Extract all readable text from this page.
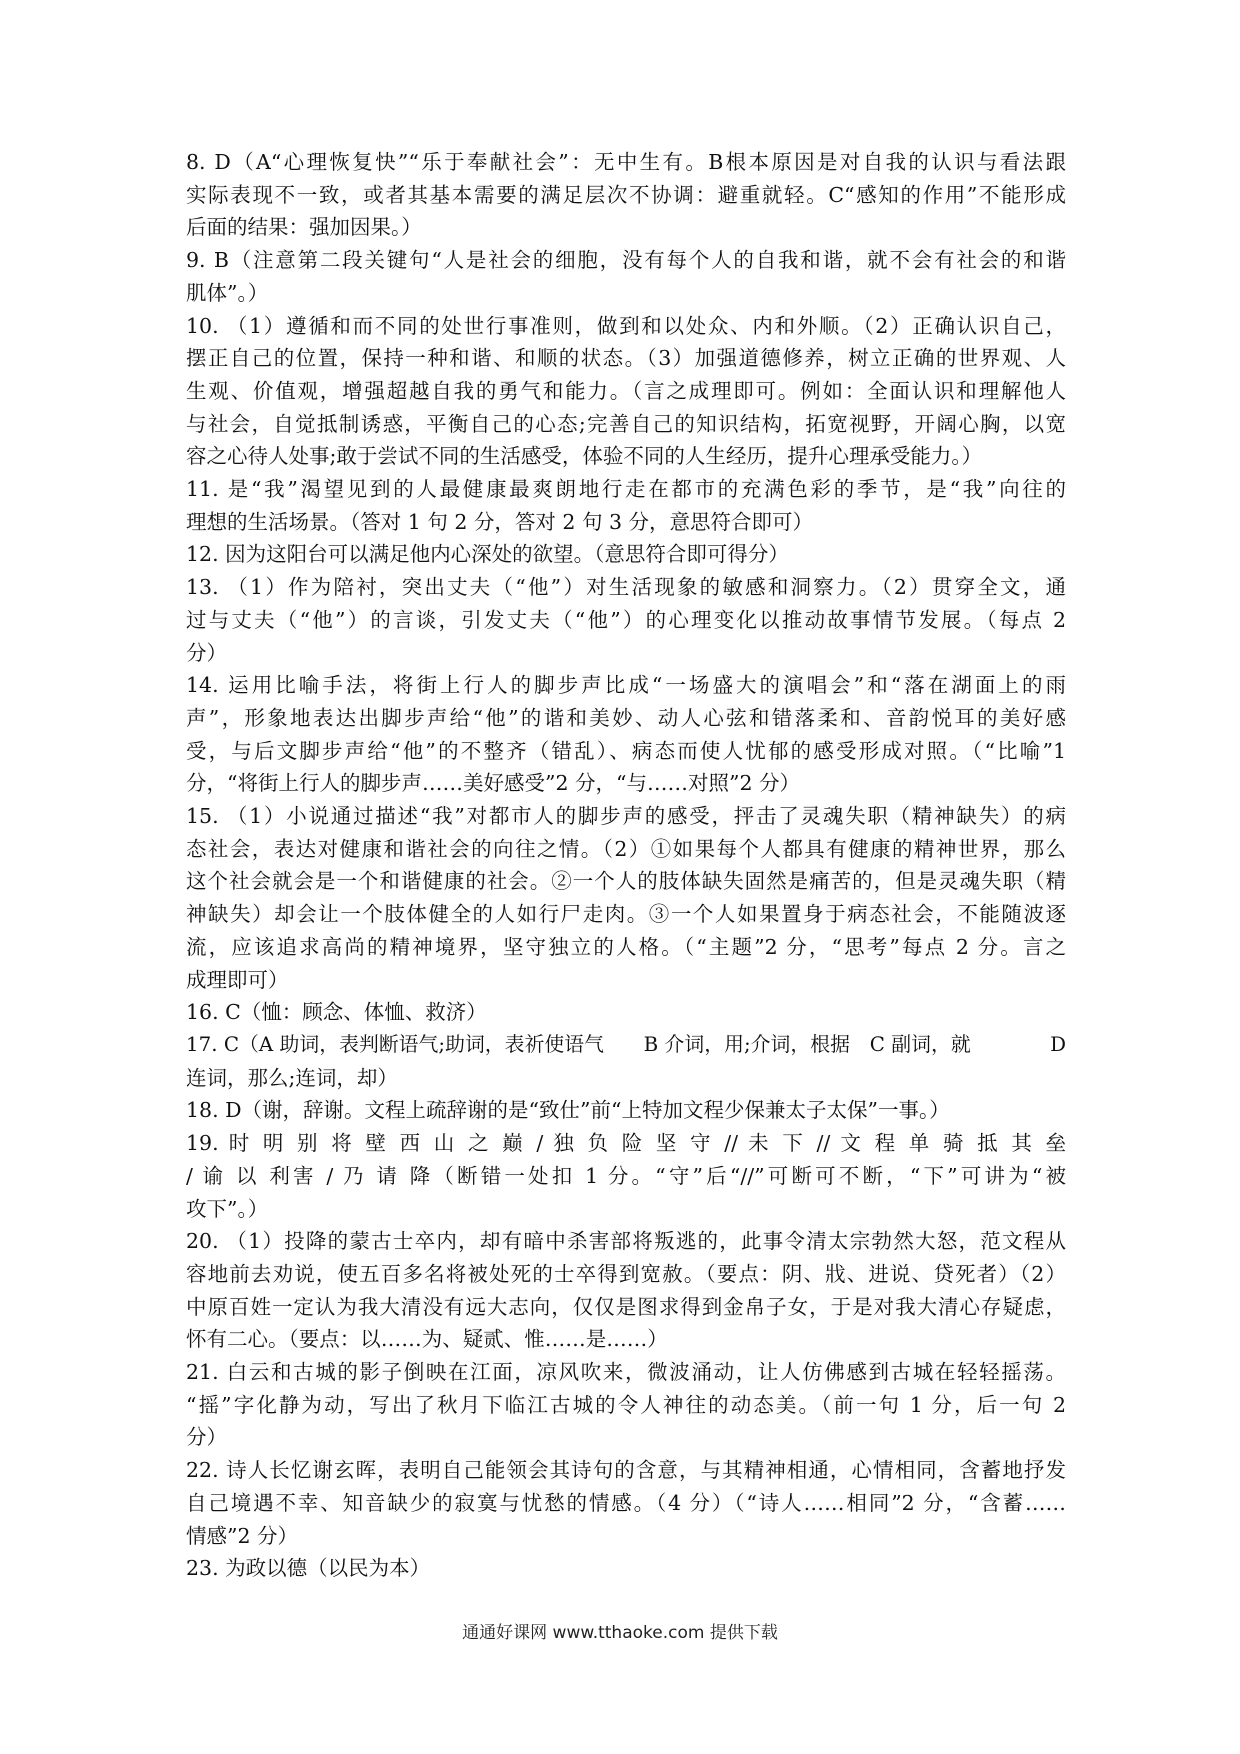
8. D（A“心理恢复快”“乐于奉献社会”：无中生有。B根本原因是对自我的认识与看法跟
实际表现不一致，或者其基本需要的满足层次不协调：避重就轻。C“感知的作用”不能形成
后面的结果：强加因果。）
9. B（注意第二段关键句“人是社会的细胞，没有每个人的自我和谐，就不会有社会的和谐
肌体”。）
10. （1）遵循和而不同的处世行事准则，做到和以处众、内和外顺。（2）正确认识自己，
摆正自己的位置，保持一种和谐、和顺的状态。（3）加强道德修养，树立正确的世界观、人
生观、价值观，增强超越自我的勇气和能力。（言之成理即可。例如：全面认识和理解他人
与社会，自觉抵制诱惑，平衡自己的心态;完善自己的知识结构，拓宽视野，开阔心胸，以宽
容之心待人处事;敢于尝试不同的生活感受，体验不同的人生经历，提升心理承受能力。）
11. 是“我”渴望见到的人最健康最爽朗地行走在都市的充满色彩的季节，是“我”向往的
理想的生活场景。（答对 1 句 2 分，答对 2 句 3 分，意思符合即可）
12. 因为这阳台可以满足他内心深处的欲望。（意思符合即可得分）
13. （1）作为陪衬，突出丈夫（“他”）对生活现象的敏感和洞察力。（2）贯穿全文，通
过与丈夫（“他”）的言谈，引发丈夫（“他”）的心理变化以推动故事情节发展。（每点 2
分）
14. 运用比喻手法，将街上行人的脚步声比成“一场盛大的演唱会”和“落在湖面上的雨
声”，形象地表达出脚步声给“他”的谐和美妙、动人心弦和错落柔和、音韵悦耳的美好感
受，与后文脚步声给“他”的不整齐（错乱）、病态而使人忧郁的感受形成对照。（“比喻”1
分，“将街上行人的脚步声……美好感受”2 分，“与……对照”2 分）
15. （1）小说通过描述“我”对都市人的脚步声的感受，抨击了灵魂失职（精神缺失）的病
态社会，表达对健康和谐社会的向往之情。（2）①如果每个人都具有健康的精神世界，那么
这个社会就会是一个和谐健康的社会。②一个人的肢体缺失固然是痛苦的，但是灵魂失职（精
神缺失）却会让一个肢体健全的人如行尸走肉。③一个人如果置身于病态社会，不能随波逐
流，应该追求高尚的精神境界，坚守独立的人格。（“主题”2 分，“思考”每点 2 分。言之
成理即可）
16. C（恤：顾念、体恤、救济）
17. C（A 助词，表判断语气;助词，表祈使语气　　B 介词，用;介词，根据　C 副词，就　　　　D
连词，那么;连词，却）
18. D（谢，辞谢。文程上疏辞谢的是“致仕”前“上特加文程少保兼太子太保”一事。）
19. 时 明 别 将 壁 西 山 之 巅 / 独 负 险 坚 守 // 未 下 // 文 程 单 骑 抵 其 垒
/ 谕 以 利害 / 乃 请 降（断错一处扣 1 分。“守”后“//”可断可不断，“下”可讲为“被
攻下”。）
20. （1）投降的蒙古士卒内，却有暗中杀害部将叛逃的，此事令清太宗勃然大怒，范文程从
容地前去劝说，使五百多名将被处死的士卒得到宽赦。（要点：阴、戕、进说、贷死者）（2）
中原百姓一定认为我大清没有远大志向，仅仅是图求得到金帛子女，于是对我大清心存疑虑，
怀有二心。（要点：以……为、疑贰、惟……是……）
21. 白云和古城的影子倒映在江面，凉风吹来，微波涌动，让人仿佛感到古城在轻轻摇荡。
“摇”字化静为动，写出了秋月下临江古城的令人神往的动态美。（前一句 1 分，后一句 2
分）
22. 诗人长忆谢玄晖，表明自己能领会其诗句的含意，与其精神相通，心情相同，含蓄地抒发
自己境遇不幸、知音缺少的寂寞与忧愁的情感。（4 分）（“诗人……相同”2 分，“含蓄……
情感”2 分）
23. 为政以德（以民为本）
通通好课网 www.tthaoke.com 提供下载
